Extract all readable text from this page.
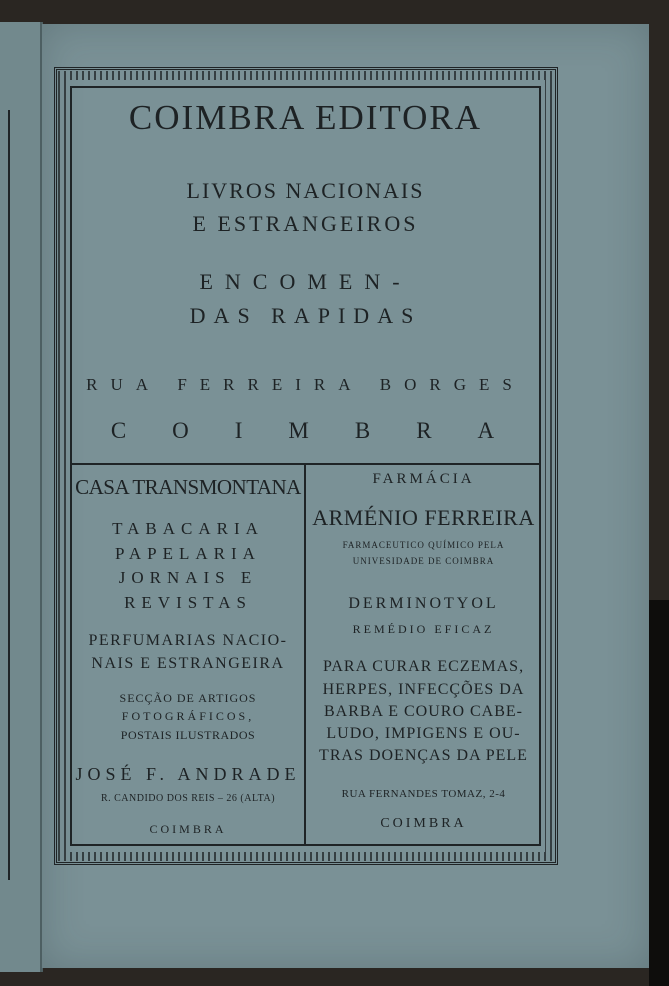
COIMBRA EDITORA
LIVROS NACIONAIS
E ESTRANGEIROS
ENCOMEN-
DAS RAPIDAS
RUA FERREIRA BORGES
COIMBRA
CASA TRANSMONTANA
TABACARIA
PAPELARIA
JORNAIS E
REVISTAS
PERFUMARIAS NACIO-
NAIS E ESTRANGEIRA
SECÇÃO DE ARTIGOS
FOTOGRÁFICOS,
POSTAIS ILUSTRADOS
JOSÉ F. ANDRADE
R. CANDIDO DOS REIS – 26 (ALTA)
COIMBRA
FARMÁCIA
ARMÉNIO FERREIRA
FARMACEUTICO QUÍMICO PELA
UNIVESIDADE DE COIMBRA
DERMINOTYOL
REMÉDIO EFICAZ
PARA CURAR ECZEMAS,
HERPES, INFECÇÕES DA
BARBA E COURO CABE-
LUDO, IMPIGENS E OU-
TRAS DOENÇAS DA PELE
RUA FERNANDES TOMAZ, 2-4
COIMBRA
